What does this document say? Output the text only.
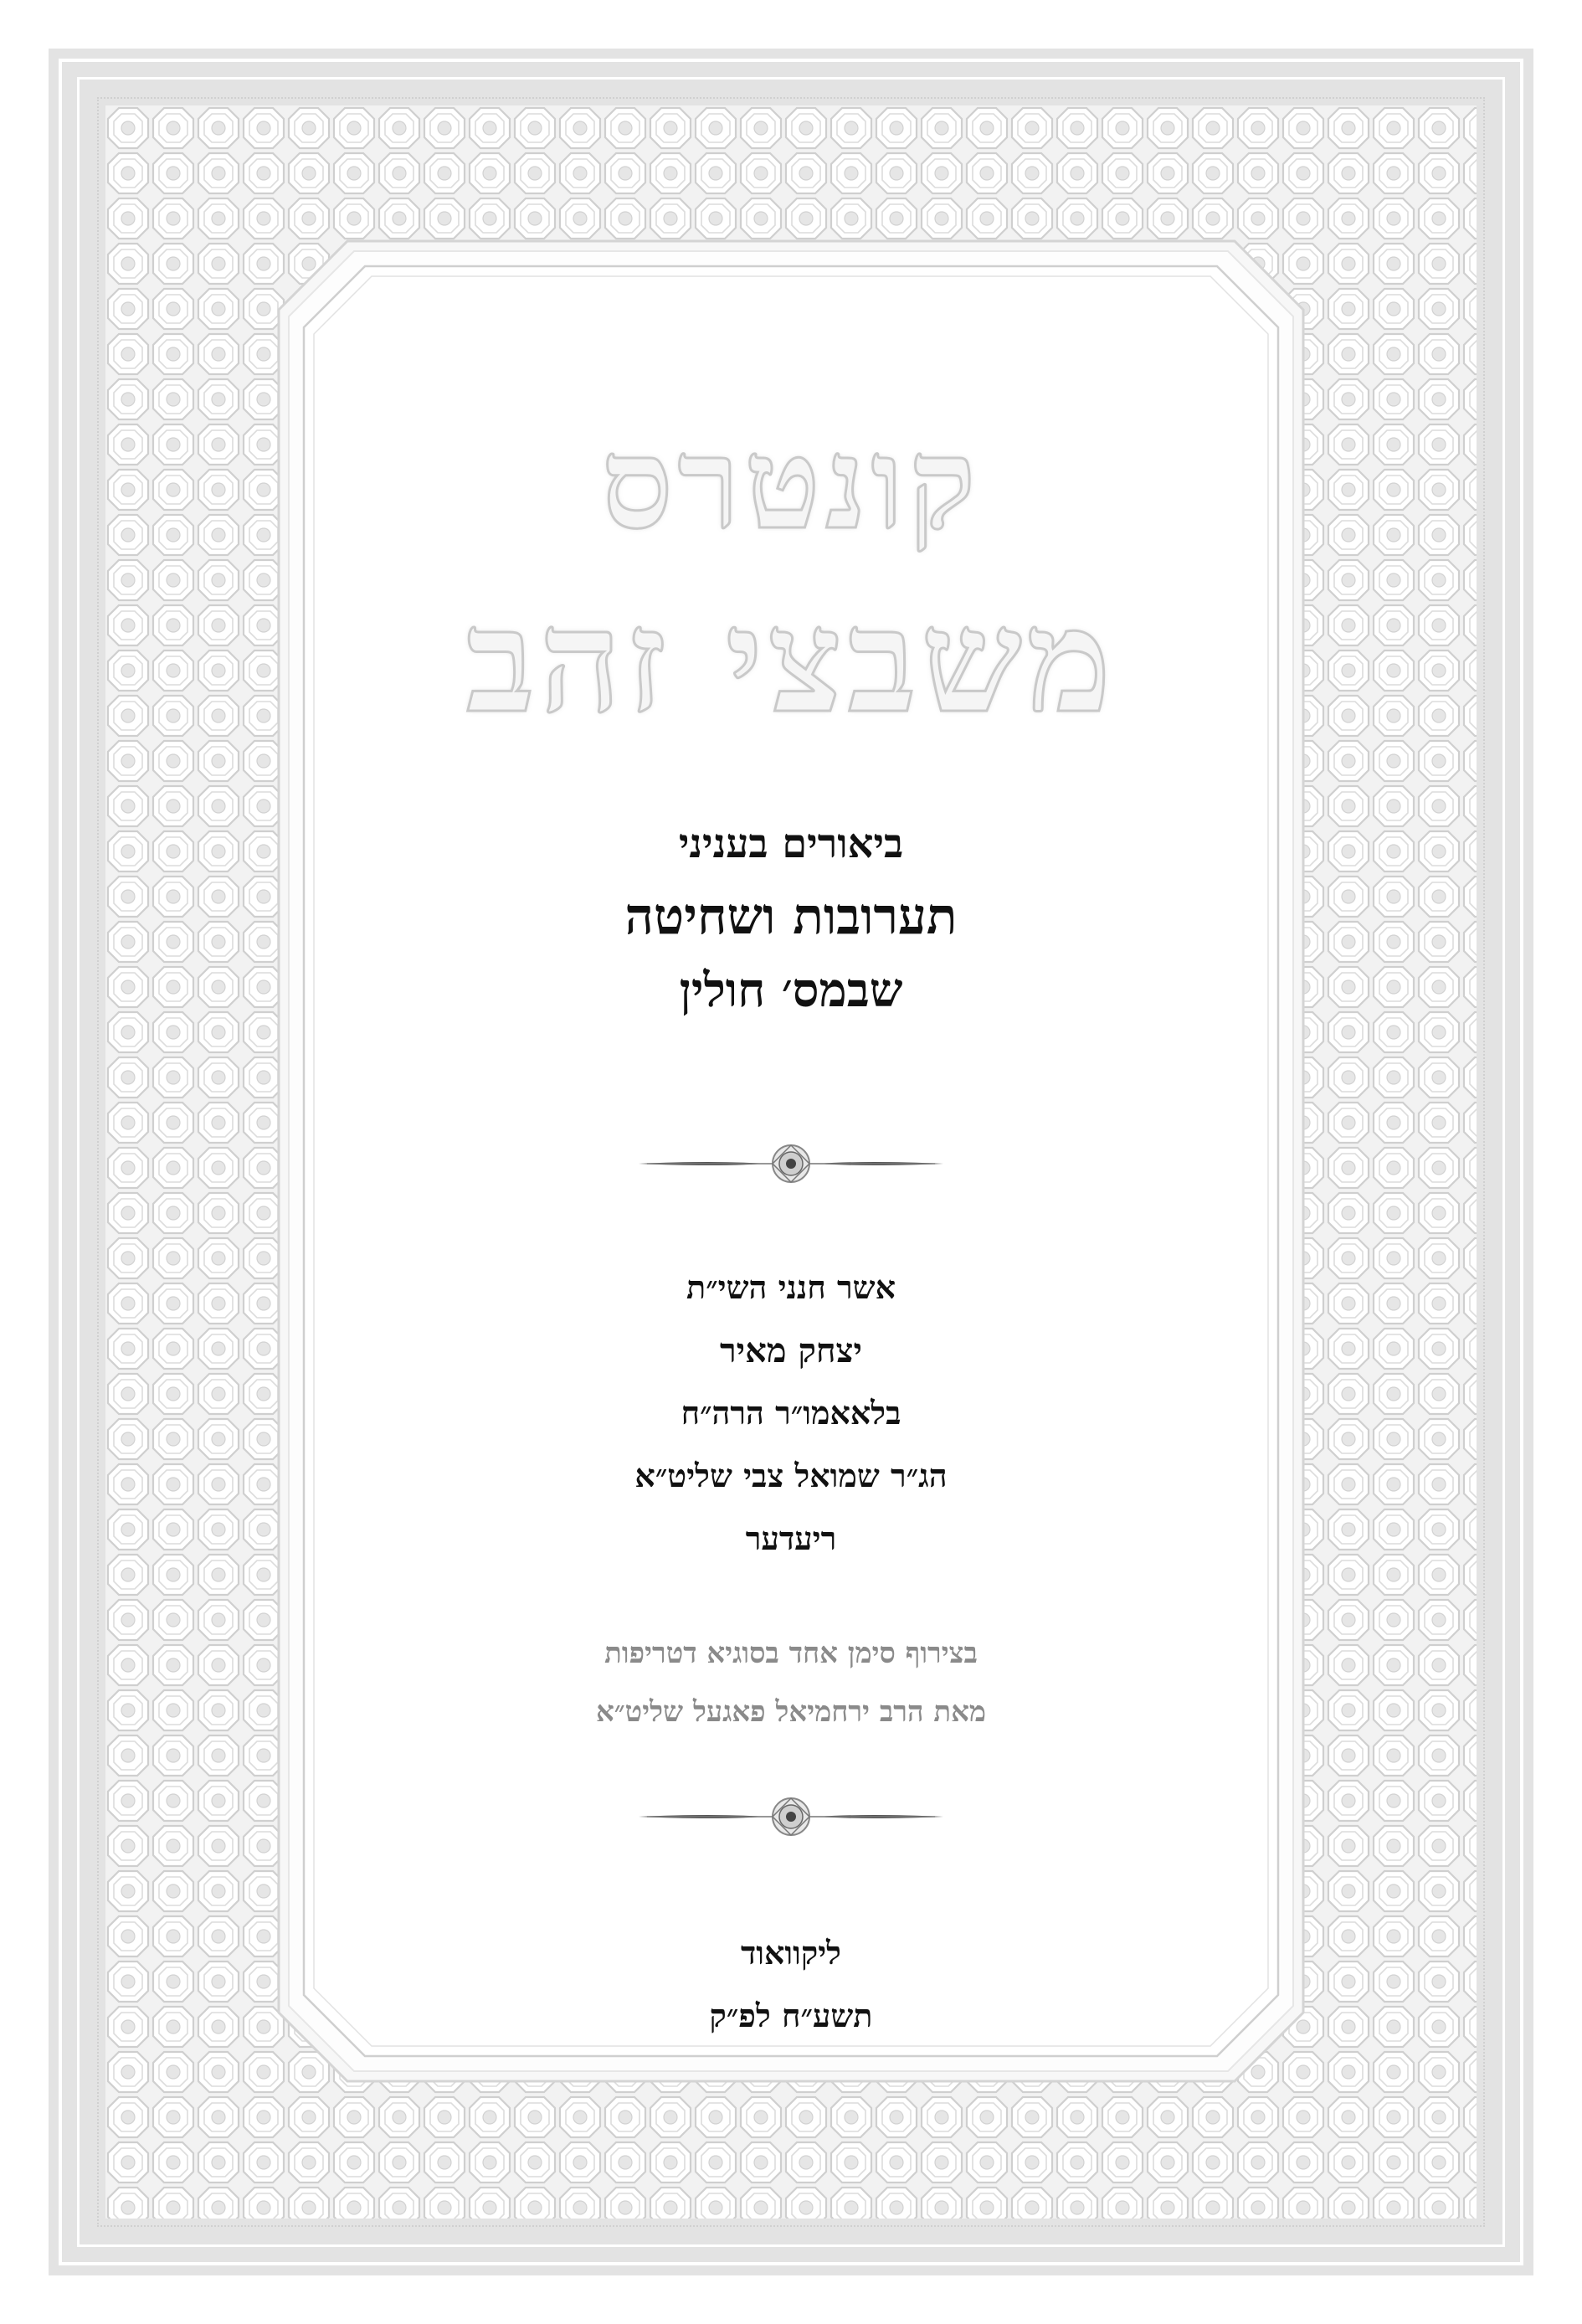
קונטרס
משבצי זהב
ביאורים בעניני
תערובות ושחיטה
שבמס׳ חולין
אשר חנני השי״ת
יצחק מאיר
בלאאמו״ר הרה״ח
הג״ר שמואל צבי שליט״א
ריעדער
בצירוף סימן אחד בסוגיא דטריפות
מאת הרב ירחמיאל פאגעל שליט״א
ליקוואוד
תשע״ח לפ״ק
